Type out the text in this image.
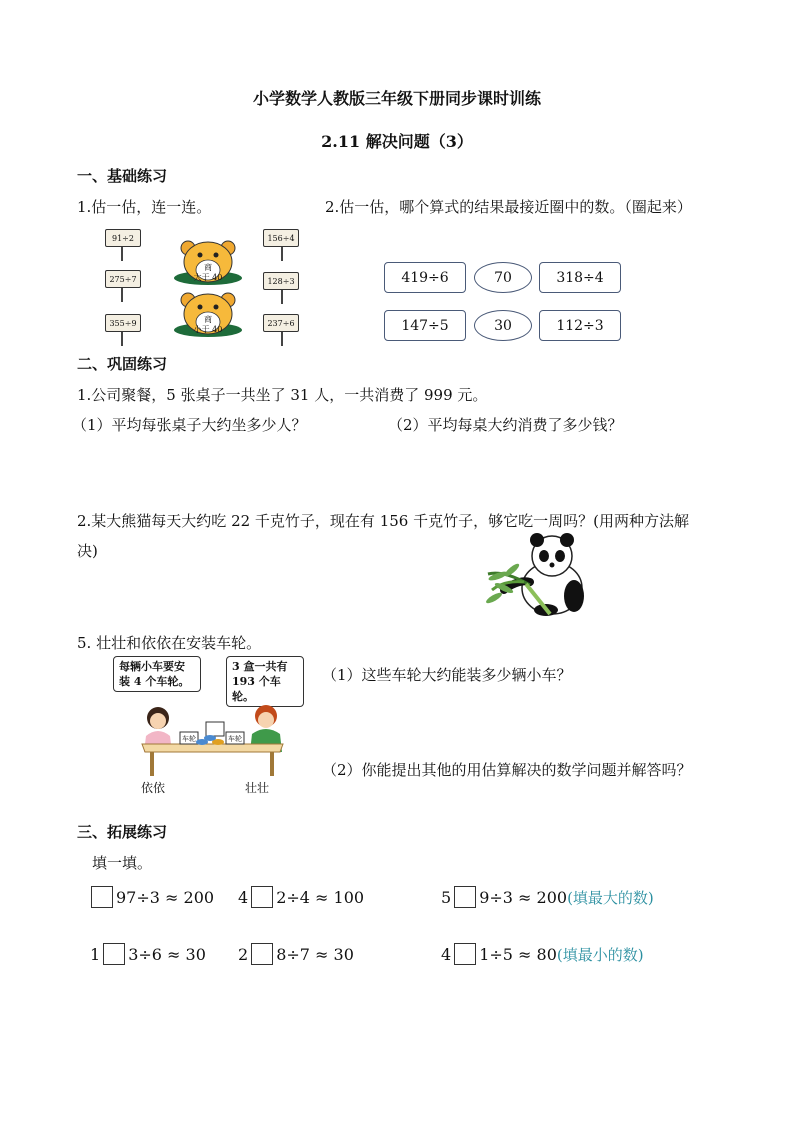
小学数学人教版三年级下册同步课时训练
2.11 解决问题（3）
一、基础练习
1.估一估，连一连。	2.估一估，哪个算式的结果最接近圈中的数。（圈起来）
91÷2
275÷7
355÷9
156÷4
128÷3
237÷6
商
大于 40
商
小于 40
419÷6	70	318÷4
147÷5	30	112÷3
二、巩固练习
1.公司聚餐，5 张桌子一共坐了 31 人，一共消费了 999 元。
（1）平均每张桌子大约坐多少人？	（2）平均每桌大约消费了多少钱？
2.某大熊猫每天大约吃 22 千克竹子，现在有 156 千克竹子，够它吃一周吗？(用两种方法解
决)
5. 壮壮和依依在安装车轮。
每辆小车要安
装 4 个车轮。
3 盒一共有
193 个车轮。
车轮	车轮
依依	壮壮
（1）这些车轮大约能装多少辆小车？
（2）你能提出其他的用估算解决的数学问题并解答吗？
三、拓展练习
填一填。
97÷3 ≈ 200 4 2÷4 ≈ 100	5 9÷3 ≈ 200 (填最大的数)
1 3÷6 ≈ 30 2 8÷7 ≈ 30	4 1÷5 ≈ 80 (填最小的数)
